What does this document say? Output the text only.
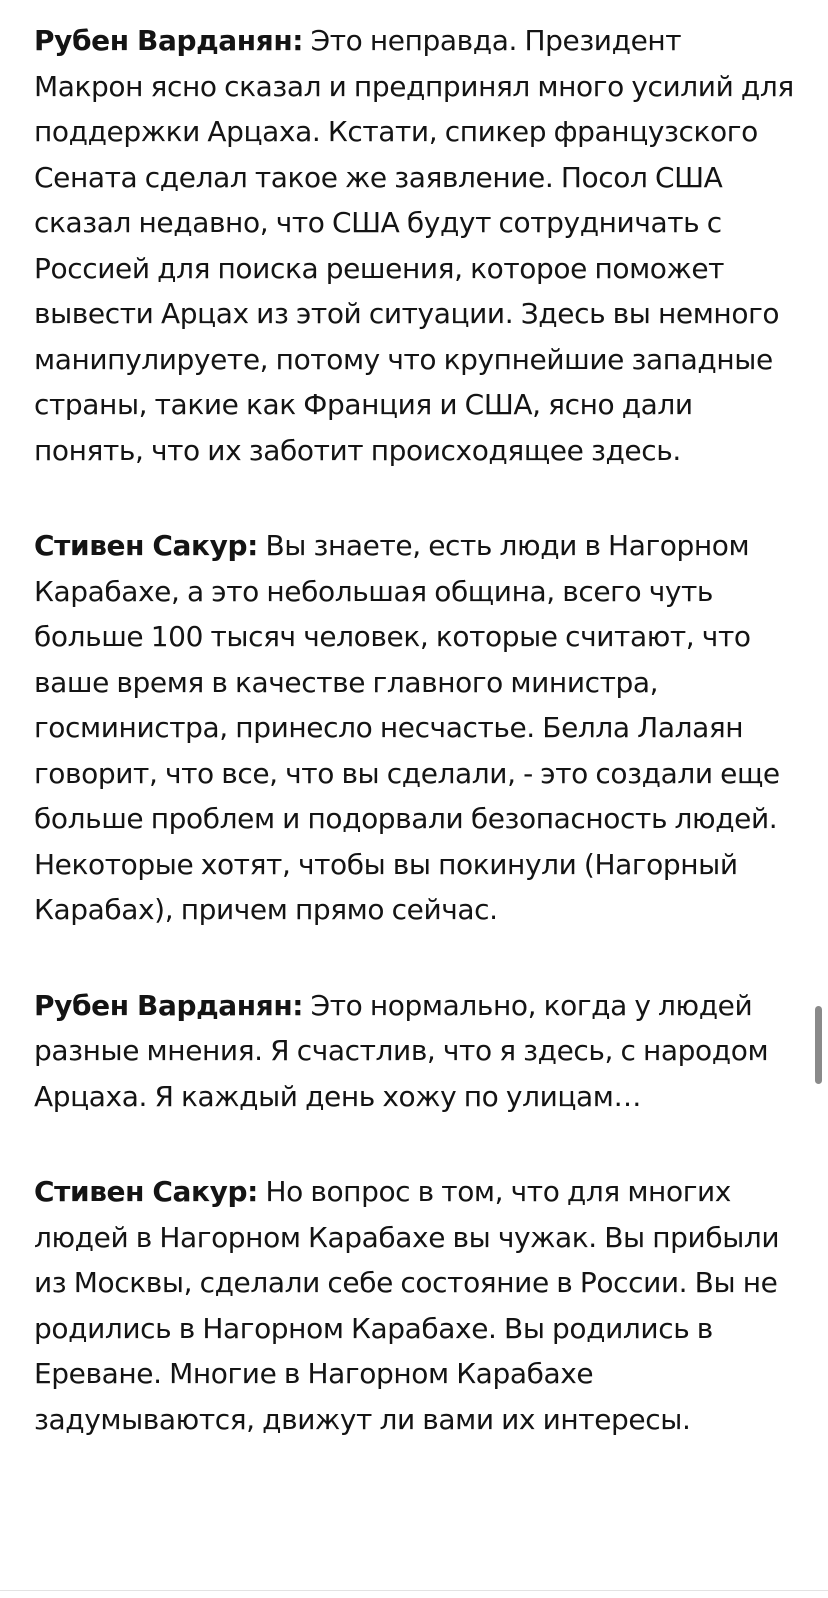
Рубен Варданян: Это неправда. Президент Макрон ясно сказал и предпринял много усилий для поддержки Арцаха. Кстати, спикер французского Сената сделал такое же заявление. Посол США сказал недавно, что США будут сотрудничать с Россией для поиска решения, которое поможет вывести Арцах из этой ситуации. Здесь вы немного манипулируете, потому что крупнейшие западные страны, такие как Франция и США, ясно дали понять, что их заботит происходящее здесь.

Стивен Сакур: Вы знаете, есть люди в Нагорном Карабахе, а это небольшая община, всего чуть больше 100 тысяч человек, которые считают, что ваше время в качестве главного министра, госминистра, принесло несчастье. Белла Лалаян говорит, что все, что вы сделали, - это создали еще больше проблем и подорвали безопасность людей. Некоторые хотят, чтобы вы покинули (Нагорный Карабах), причем прямо сейчас.

Рубен Варданян: Это нормально, когда у людей разные мнения. Я счастлив, что я здесь, с народом Арцаха. Я каждый день хожу по улицам…

Стивен Сакур: Но вопрос в том, что для многих людей в Нагорном Карабахе вы чужак. Вы прибыли из Москвы, сделали себе состояние в России. Вы не родились в Нагорном Карабахе. Вы родились в Ереване. Многие в Нагорном Карабахе задумываются, движут ли вами их интересы.
